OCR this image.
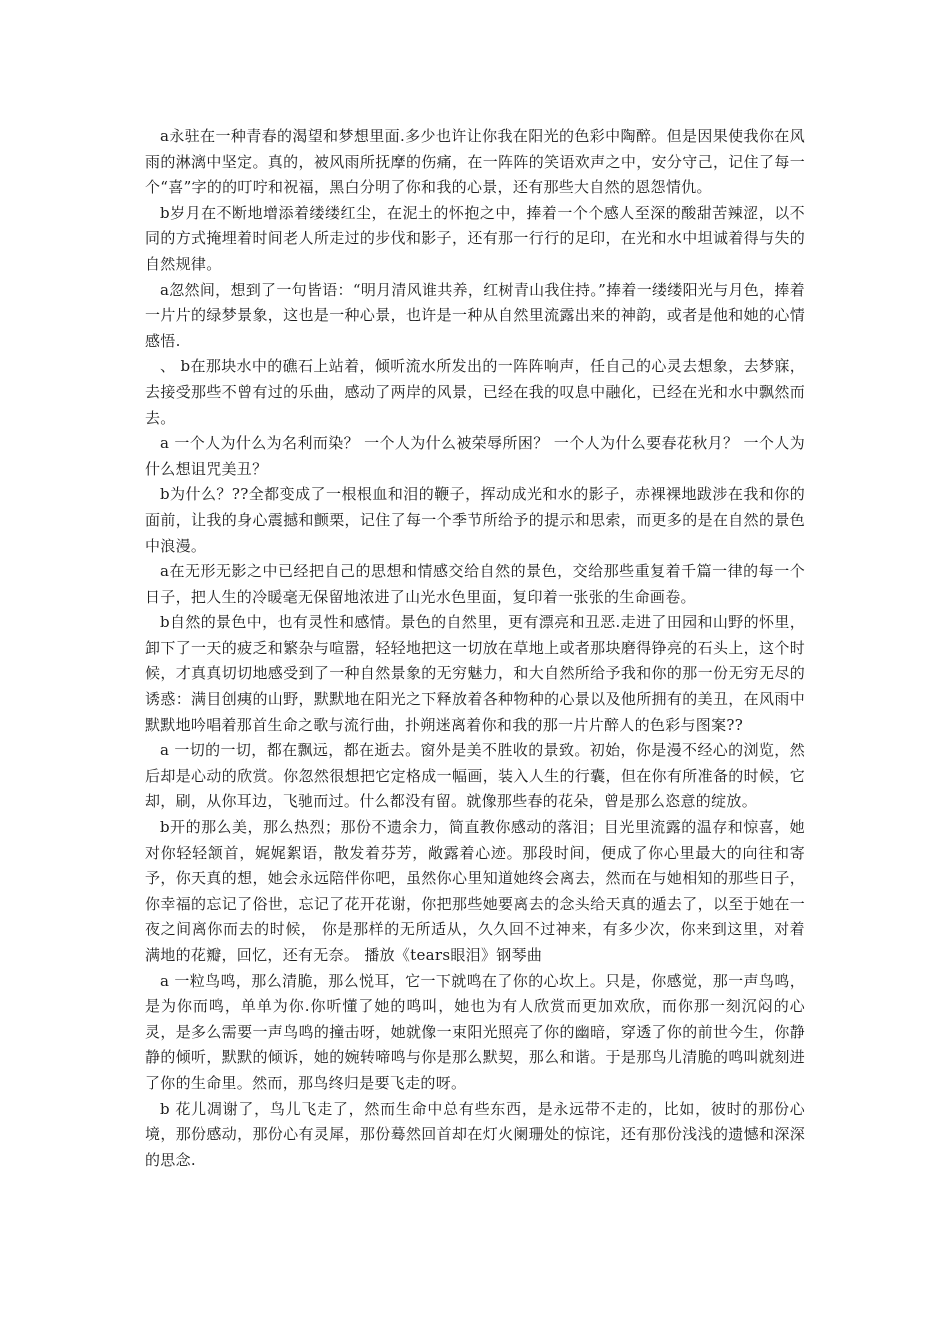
a永驻在一种青春的渴望和梦想里面.多少也许让你我在阳光的色彩中陶醉。但是因果使我你在风雨的淋漓中坚定。真的，被风雨所抚摩的伤痛，在一阵阵的笑语欢声之中，安分守己，记住了每一个“喜”字的的叮咛和祝福，黑白分明了你和我的心景，还有那些大自然的恩怨情仇。

b岁月在不断地增添着缕缕红尘，在泥土的怀抱之中，捧着一个个感人至深的酸甜苦辣涩，以不同的方式掩埋着时间老人所走过的步伐和影子，还有那一行行的足印，在光和水中坦诚着得与失的自然规律。

a忽然间，想到了一句皆语：“明月清风谁共养，红树青山我住持。”捧着一缕缕阳光与月色，捧着一片片的绿梦景象，这也是一种心景，也许是一种从自然里流露出来的神韵，或者是他和她的心情感悟.

、 b在那块水中的礁石上站着，倾听流水所发出的一阵阵响声，任自己的心灵去想象，去梦寐，去接受那些不曾有过的乐曲，感动了两岸的风景，已经在我的叹息中融化，已经在光和水中飘然而去。

a 一个人为什么为名利而染？ 一个人为什么被荣辱所困？ 一个人为什么要春花秋月？ 一个人为什么想诅咒美丑？

b为什么？??全都变成了一根根血和泪的鞭子，挥动成光和水的影子，赤裸裸地跋涉在我和你的面前，让我的身心震撼和颤栗，记住了每一个季节所给予的提示和思索，而更多的是在自然的景色中浪漫。

a在无形无影之中已经把自己的思想和情感交给自然的景色，交给那些重复着千篇一律的每一个日子，把人生的冷暖毫无保留地浓进了山光水色里面，复印着一张张的生命画卷。

b自然的景色中，也有灵性和感情。景色的自然里，更有漂亮和丑恶.走进了田园和山野的怀里，卸下了一天的疲乏和繁杂与喧嚣，轻轻地把这一切放在草地上或者那块磨得铮亮的石头上，这个时候，才真真切切地感受到了一种自然景象的无穷魅力，和大自然所给予我和你的那一份无穷无尽的诱惑：满目创痍的山野，默默地在阳光之下释放着各种物种的心景以及他所拥有的美丑，在风雨中默默地吟唱着那首生命之歌与流行曲，扑朔迷离着你和我的那一片片醉人的色彩与图案??

a 一切的一切，都在飘远，都在逝去。窗外是美不胜收的景致。初始，你是漫不经心的浏览，然后却是心动的欣赏。你忽然很想把它定格成一幅画，装入人生的行囊，但在你有所准备的时候，它却，刷，从你耳边，飞驰而过。什么都没有留。就像那些春的花朵，曾是那么恣意的绽放。

b开的那么美，那么热烈；那份不遗余力，简直教你感动的落泪；目光里流露的温存和惊喜，她对你轻轻颔首，娓娓絮语，散发着芬芳，敞露着心迹。那段时间，便成了你心里最大的向往和寄予，你天真的想，她会永远陪伴你吧，虽然你心里知道她终会离去，然而在与她相知的那些日子，你幸福的忘记了俗世，忘记了花开花谢，你把那些她要离去的念头给天真的遁去了，以至于她在一夜之间离你而去的时候， 你是那样的无所适从，久久回不过神来，有多少次，你来到这里，对着满地的花瓣，回忆，还有无奈。 播放《tears眼泪》钢琴曲

a 一粒鸟鸣，那么清脆，那么悦耳，它一下就鸣在了你的心坎上。只是，你感觉，那一声鸟鸣，是为你而鸣，单单为你.你听懂了她的鸣叫，她也为有人欣赏而更加欢欣，而你那一刻沉闷的心灵，是多么需要一声鸟鸣的撞击呀，她就像一束阳光照亮了你的幽暗，穿透了你的前世今生，你静静的倾听，默默的倾诉，她的婉转啼鸣与你是那么默契，那么和谐。于是那鸟儿清脆的鸣叫就刻进了你的生命里。然而，那鸟终归是要飞走的呀。

b 花儿凋谢了，鸟儿飞走了，然而生命中总有些东西，是永远带不走的，比如，彼时的那份心境，那份感动，那份心有灵犀，那份蓦然回首却在灯火阑珊处的惊诧，还有那份浅浅的遗憾和深深的思念.
